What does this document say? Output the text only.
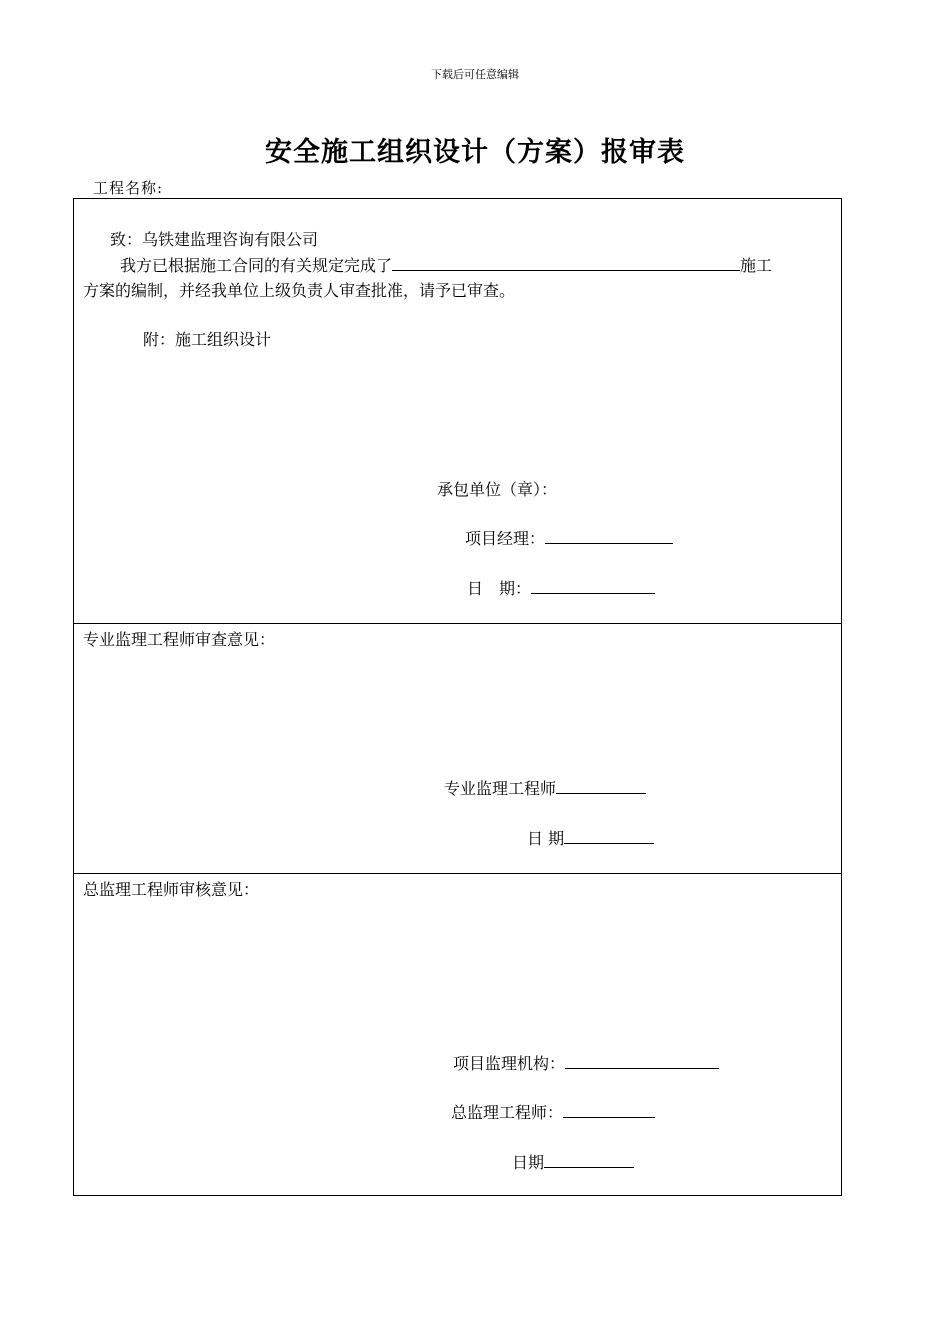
下载后可任意编辑
安全施工组织设计（方案）报审表
工程名称:
致：乌铁建监理咨询有限公司
我方已根据施工合同的有关规定完成了	施工
方案的编制，并经我单位上级负责人审查批准，请予已审查。
附：施工组织设计
承包单位（章）：
项目经理：
日　期：
专业监理工程师审查意见：
专业监理工程师
日 期
总监理工程师审核意见：
项目监理机构：
总监理工程师：
日期
